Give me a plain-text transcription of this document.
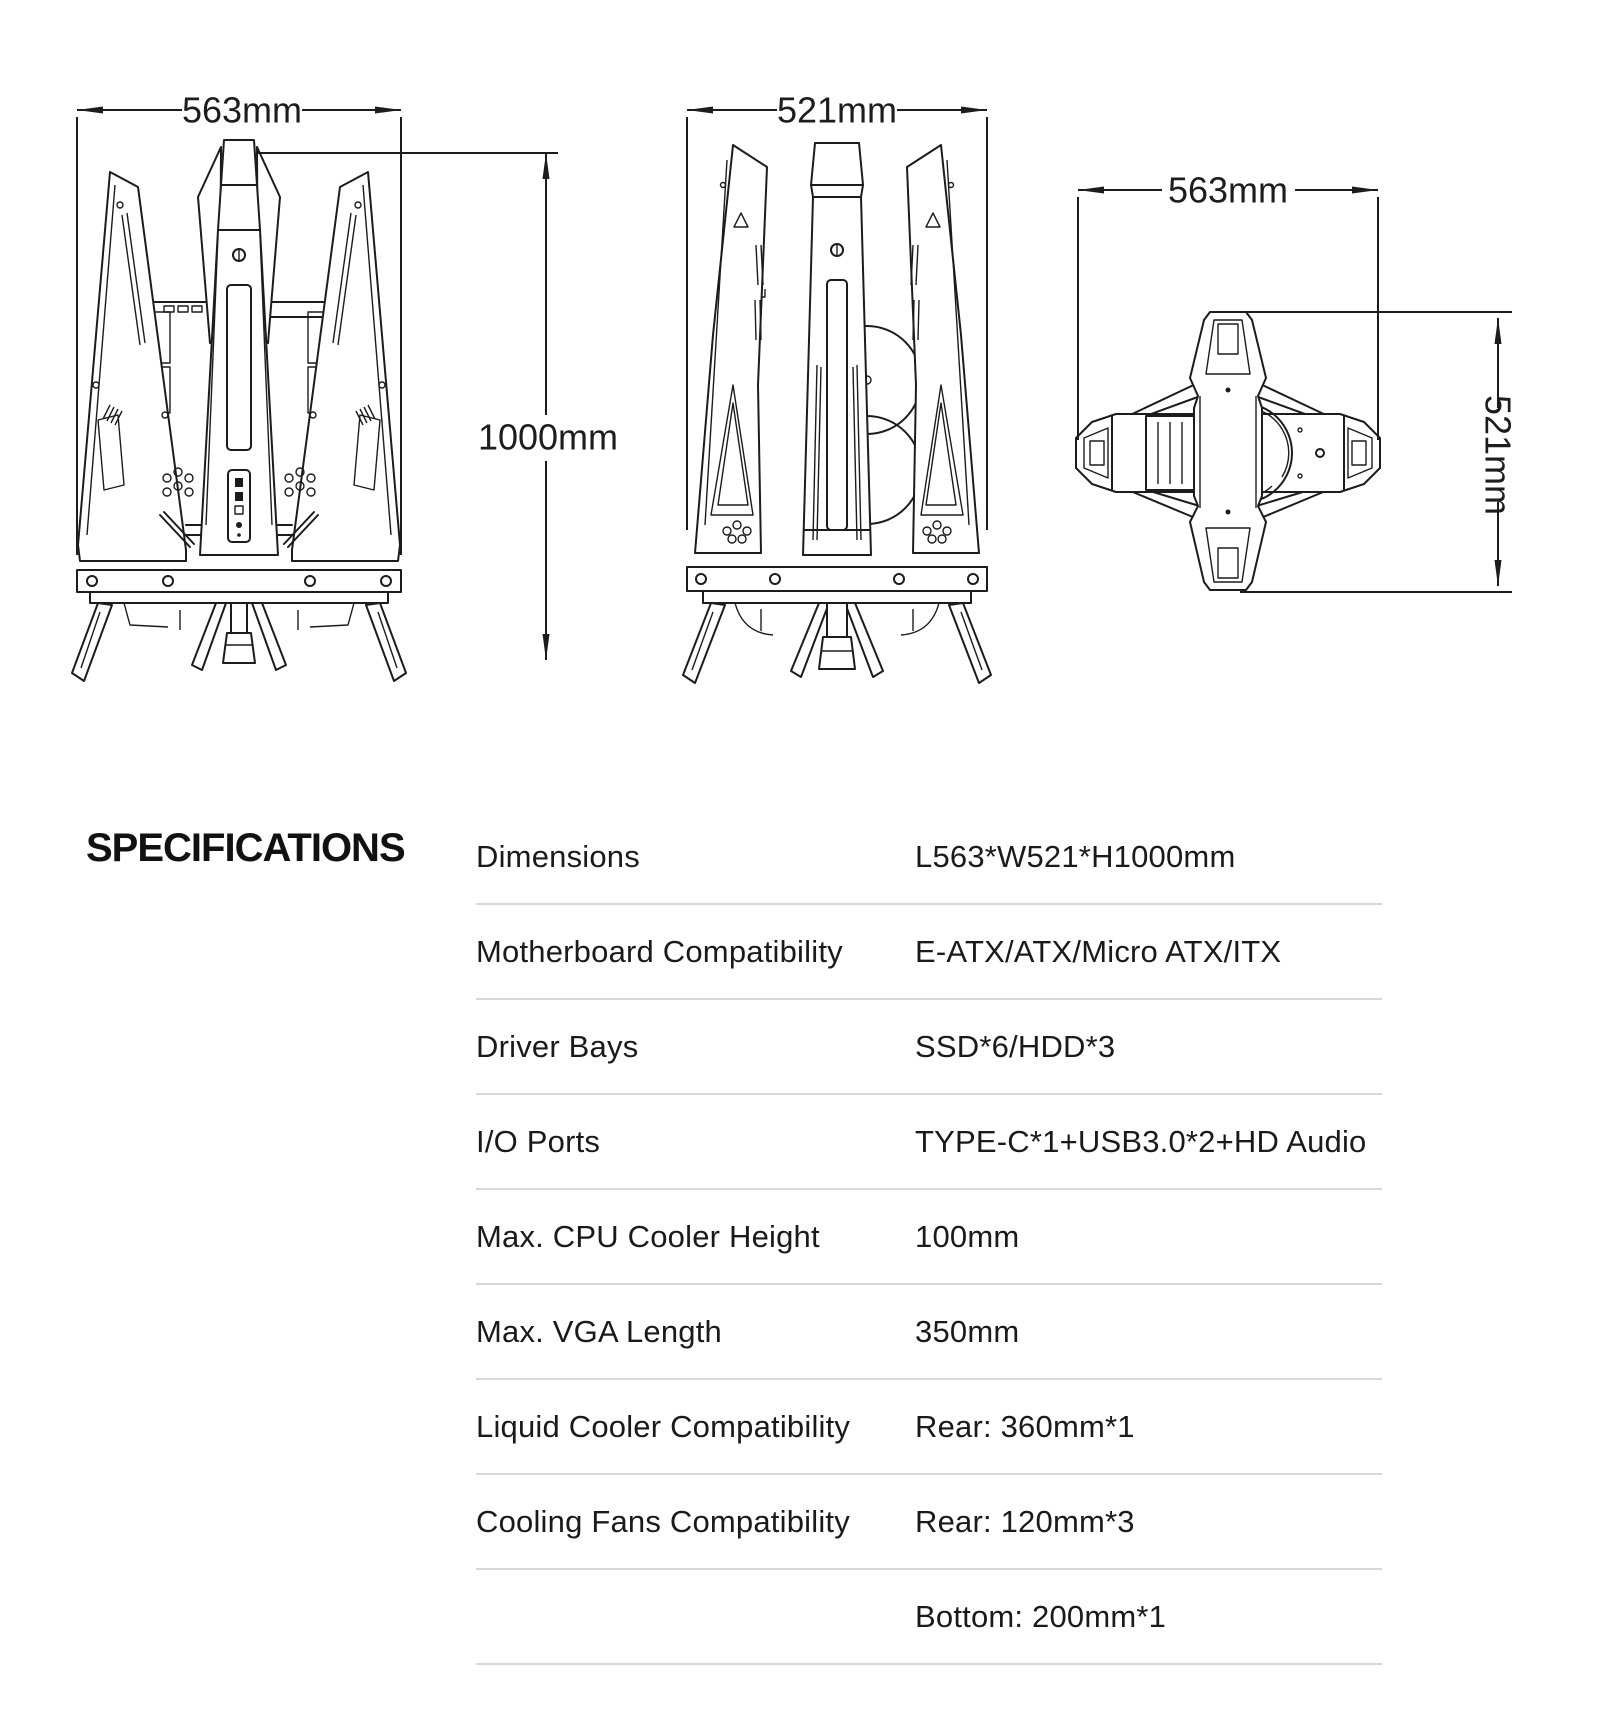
563mm
1000mm
521mm
563mm
521mm
SPECIFICATIONS Dimensions	L563*W521*H1000mm
Motherboard Compatibility	E-ATX/ATX/Micro ATX/ITX
Driver Bays	SSD*6/HDD*3
I/O Ports	TYPE-C*1+USB3.0*2+HD Audio
Max. CPU Cooler Height	100mm
Max. VGA Length	350mm
Liquid Cooler Compatibility	Rear: 360mm*1
Cooling Fans Compatibility	Rear: 120mm*3
Bottom: 200mm*1
